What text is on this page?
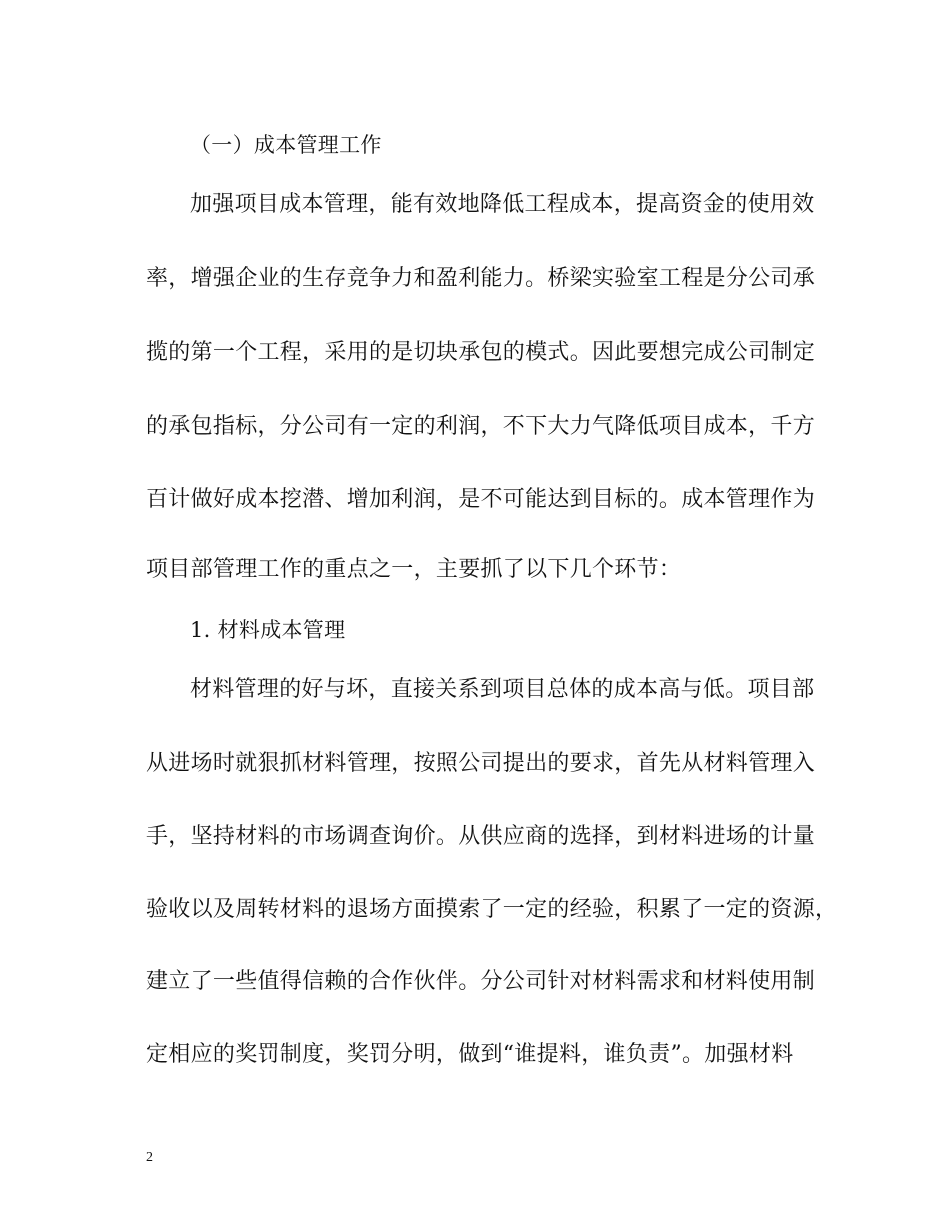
（一）成本管理工作
加强项目成本管理，能有效地降低工程成本，提高资金的使用效
率，增强企业的生存竞争力和盈利能力。桥梁实验室工程是分公司承
揽的第一个工程，采用的是切块承包的模式。因此要想完成公司制定
的承包指标，分公司有一定的利润，不下大力气降低项目成本，千方
百计做好成本挖潜、增加利润，是不可能达到目标的。成本管理作为
项目部管理工作的重点之一，主要抓了以下几个环节：
1. 材料成本管理
材料管理的好与坏，直接关系到项目总体的成本高与低。项目部
从进场时就狠抓材料管理，按照公司提出的要求，首先从材料管理入
手，坚持材料的市场调查询价。从供应商的选择，到材料进场的计量
验收以及周转材料的退场方面摸索了一定的经验，积累了一定的资源，
建立了一些值得信赖的合作伙伴。分公司针对材料需求和材料使用制
定相应的奖罚制度，奖罚分明，做到“谁提料，谁负责”。加强材料
2
